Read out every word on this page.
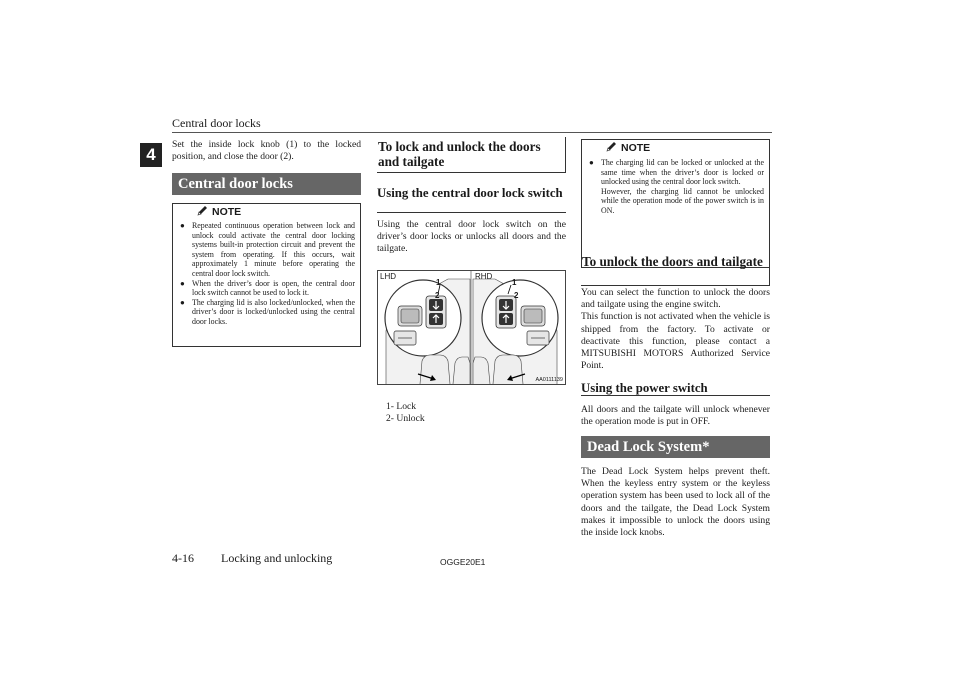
Central door locks
4
Set the inside lock knob (1) to the locked position, and close the door (2).
Central door locks
NOTE
● Repeated continuous operation between lock and unlock could activate the central door locking systems built-in protection circuit and prevent the system from operating. If this occurs, wait approximately 1 minute before operating the central door lock switch.
● When the driver’s door is open, the central door lock switch cannot be used to lock it.
● The charging lid is also locked/unlocked, when the driver’s door is locked/unlocked using the central door locks.
To lock and unlock the doors and tailgate
Using the central door lock switch
Using the central door lock switch on the driver’s door locks or unlocks all doors and the tailgate.
LHD	RHD
1
2
1
2
AA0111139
1- Lock
2- Unlock
NOTE
● The charging lid can be locked or unlocked at the same time when the driver’s door is locked or unlocked using the central door lock switch.
However, the charging lid cannot be unlocked while the operation mode of the power switch is in ON.
To unlock the doors and tailgate
You can select the function to unlock the doors and tailgate using the engine switch.
This function is not activated when the vehicle is shipped from the factory. To activate or deactivate this function, please contact a MITSUBISHI MOTORS Authorized Service Point.
Using the power switch
All doors and the tailgate will unlock whenever the operation mode is put in OFF.
Dead Lock System*
The Dead Lock System helps prevent theft. When the keyless entry system or the keyless operation system has been used to lock all of the doors and the tailgate, the Dead Lock System makes it impossible to unlock the doors using the inside lock knobs.
4-16 Locking and unlocking	OGGE20E1
